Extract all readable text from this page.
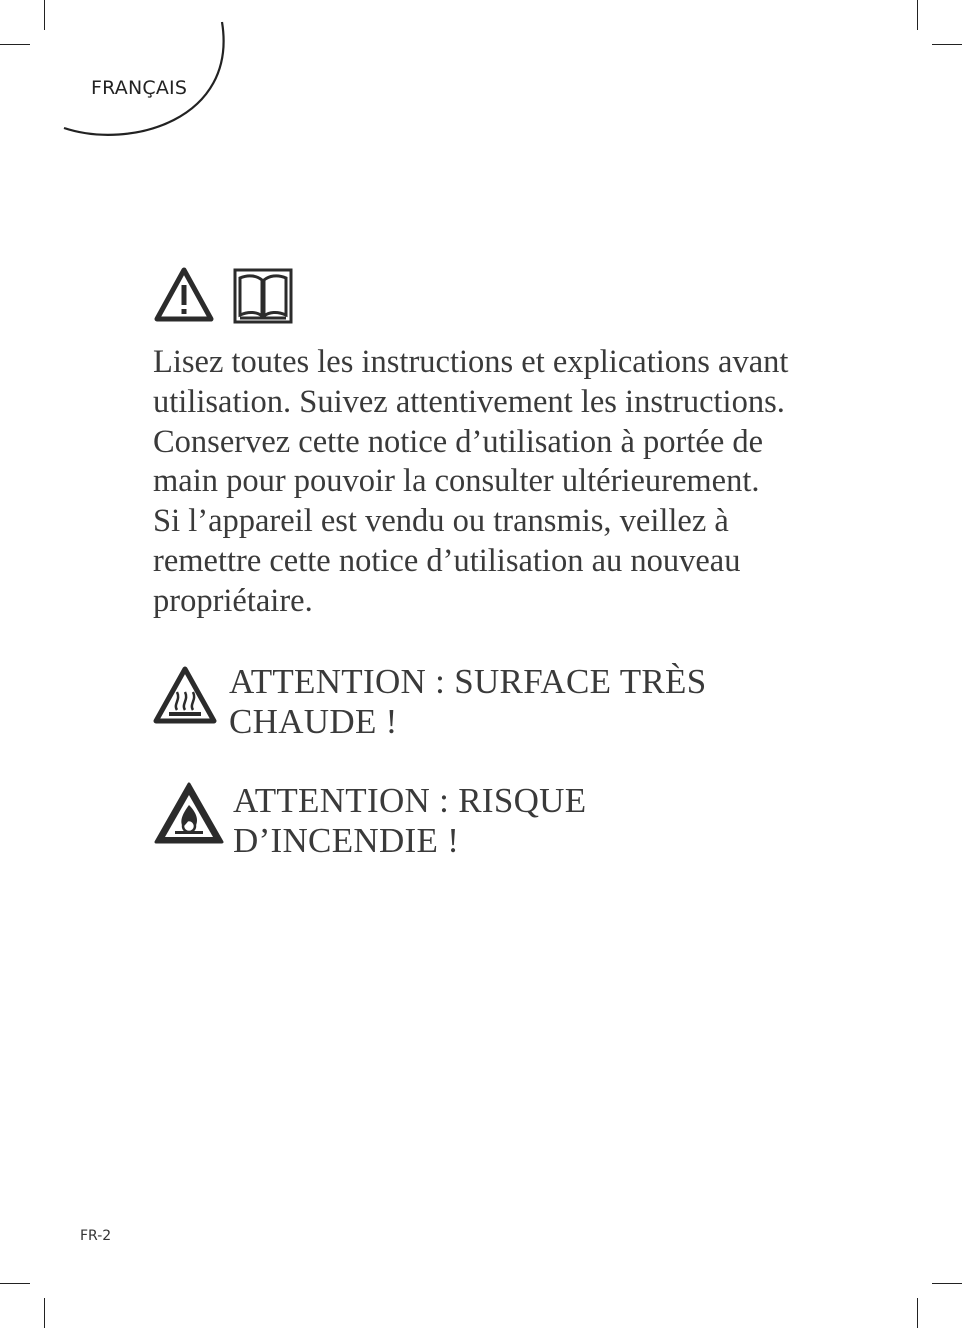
FRANÇAIS

Lisez toutes les instructions et explications avant
utilisation. Suivez attentivement les instructions.
Conservez cette notice d’utilisation à portée de
main pour pouvoir la consulter ultérieurement.
Si l’appareil est vendu ou transmis, veillez à
remettre cette notice d’utilisation au nouveau
propriétaire.

ATTENTION : SURFACE TRÈS
CHAUDE !
ATTENTION : RISQUE
D’INCENDIE !
FR-2
